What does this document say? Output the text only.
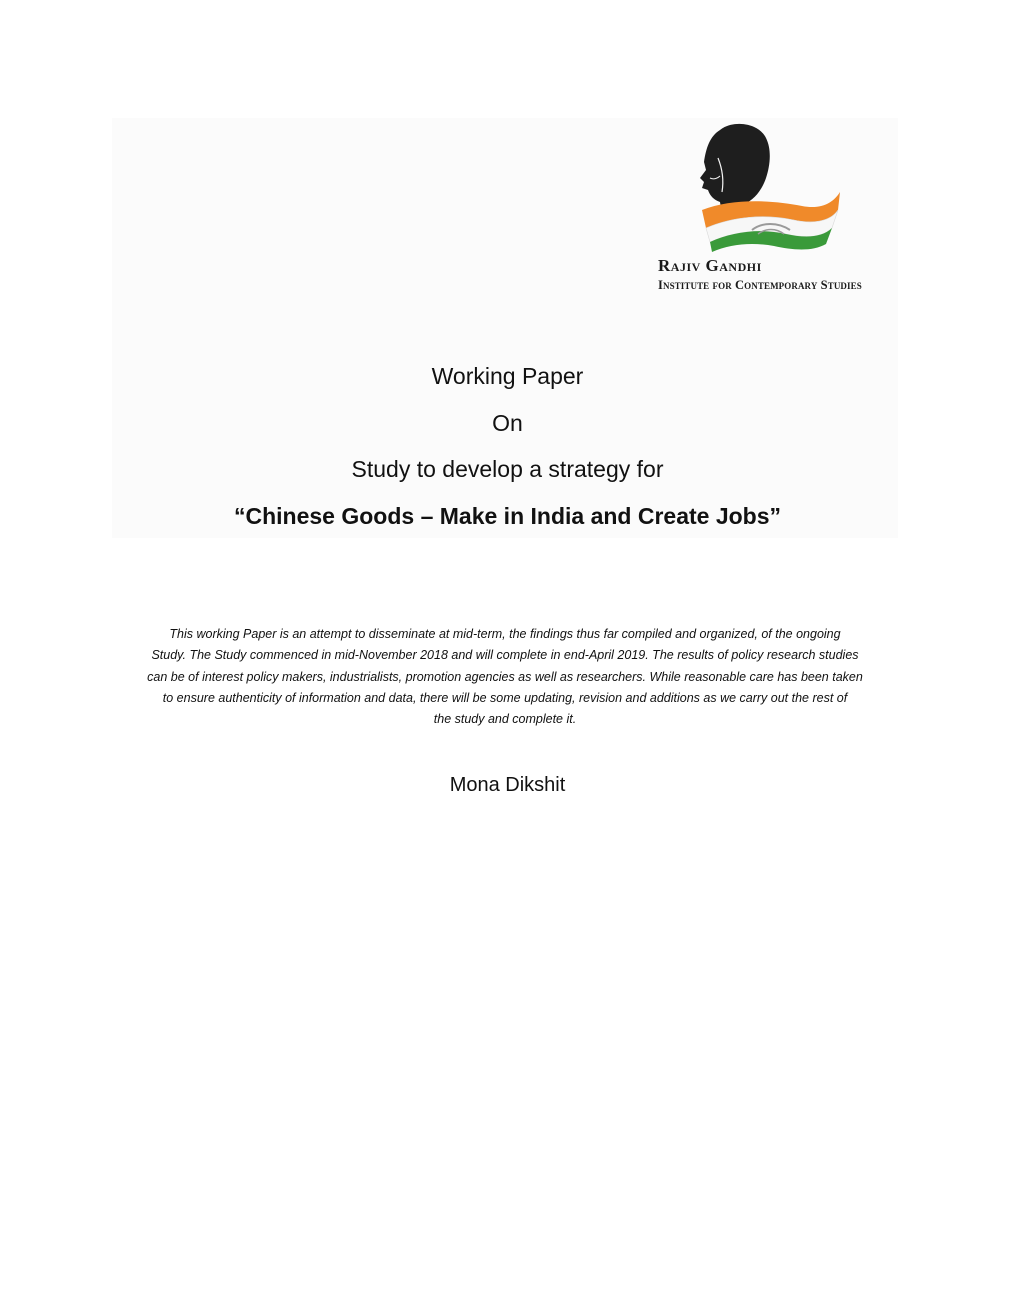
Rajiv Gandhi
Institute for Contemporary Studies
Working Paper
On
Study to develop a strategy for
“Chinese Goods – Make in India and Create Jobs”
This working Paper is an attempt to disseminate at mid-term, the findings thus far compiled and organized, of the ongoing
Study. The Study commenced in mid-November 2018 and will complete in end-April 2019. The results of policy research studies
can be of interest policy makers, industrialists, promotion agencies as well as researchers. While reasonable care has been taken
to ensure authenticity of information and data, there will be some updating, revision and additions as we carry out the rest of
the study and complete it.
Mona Dikshit
